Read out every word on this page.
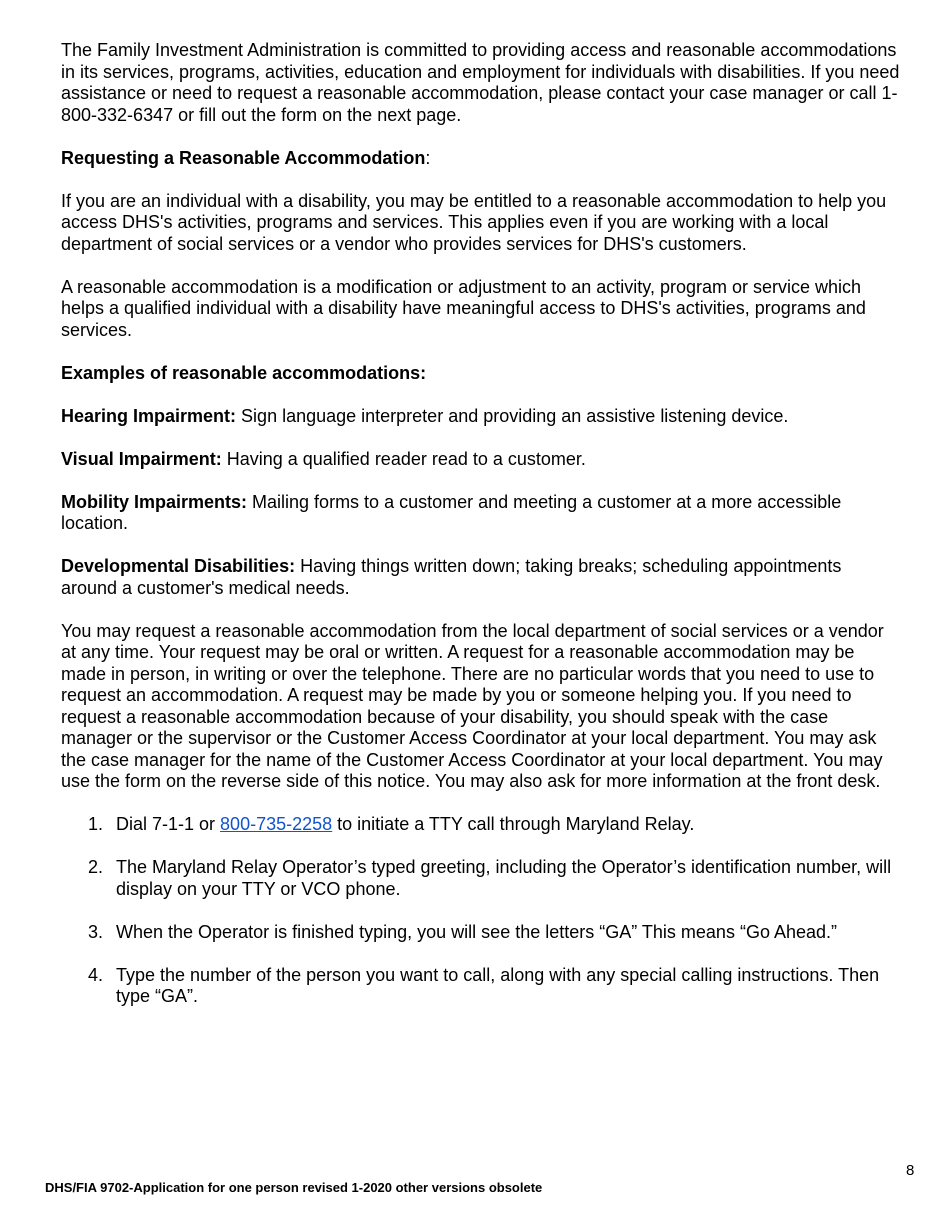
The Family Investment Administration is committed to providing access and reasonable accommodations in its services, programs, activities, education and employment for individuals with disabilities. If you need assistance or need to request a reasonable accommodation, please contact your case manager or call 1-800-332-6347 or fill out the form on the next page.

Requesting a Reasonable Accommodation:

If you are an individual with a disability, you may be entitled to a reasonable accommodation to help you access DHS's activities, programs and services. This applies even if you are working with a local department of social services or a vendor who provides services for DHS's customers.

A reasonable accommodation is a modification or adjustment to an activity, program or service which helps a qualified individual with a disability have meaningful access to DHS's activities, programs and services.

Examples of reasonable accommodations:

Hearing Impairment: Sign language interpreter and providing an assistive listening device.

Visual Impairment: Having a qualified reader read to a customer.

Mobility Impairments: Mailing forms to a customer and meeting a customer at a more accessible location.

Developmental Disabilities: Having things written down; taking breaks; scheduling appointments around a customer's medical needs.

You may request a reasonable accommodation from the local department of social services or a vendor at any time. Your request may be oral or written. A request for a reasonable accommodation may be made in person, in writing or over the telephone. There are no particular words that you need to use to request an accommodation. A request may be made by you or someone helping you. If you need to request a reasonable accommodation because of your disability, you should speak with the case manager or the supervisor or the Customer Access Coordinator at your local department. You may ask the case manager for the name of the Customer Access Coordinator at your local department. You may use the form on the reverse side of this notice. You may also ask for more information at the front desk.

1. Dial 7-1-1 or 800-735-2258 to initiate a TTY call through Maryland Relay.
2. The Maryland Relay Operator’s typed greeting, including the Operator’s identification number, will display on your TTY or VCO phone.
3. When the Operator is finished typing, you will see the letters “GA” This means “Go Ahead.”
4. Type the number of the person you want to call, along with any special calling instructions. Then type “GA”.
8
DHS/FIA 9702-Application for one person revised 1-2020 other versions obsolete
